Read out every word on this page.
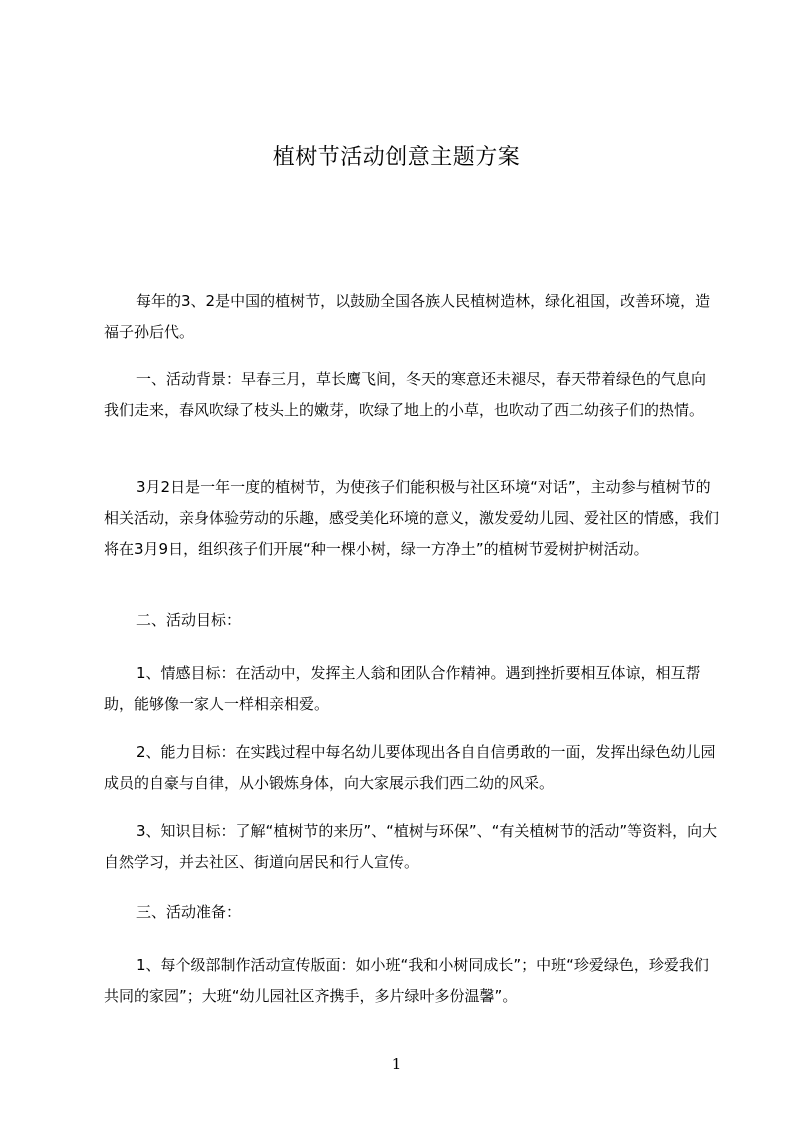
植树节活动创意主题方案

每年的3、2是中国的植树节，以鼓励全国各族人民植树造林，绿化祖国，改善环境，造福子孙后代。

一、活动背景：早春三月，草长鹰飞间，冬天的寒意还未褪尽，春天带着绿色的气息向我们走来，春风吹绿了枝头上的嫩芽，吹绿了地上的小草，也吹动了西二幼孩子们的热情。

3月2日是一年一度的植树节，为使孩子们能积极与社区环境“对话”，主动参与植树节的相关活动，亲身体验劳动的乐趣，感受美化环境的意义，激发爱幼儿园、爱社区的情感，我们将在3月9日，组织孩子们开展“种一棵小树，绿一方净土”的植树节爱树护树活动。

二、活动目标：

1、情感目标：在活动中，发挥主人翁和团队合作精神。遇到挫折要相互体谅，相互帮助，能够像一家人一样相亲相爱。

2、能力目标：在实践过程中每名幼儿要体现出各自自信勇敢的一面，发挥出绿色幼儿园成员的自豪与自律，从小锻炼身体，向大家展示我们西二幼的风采。

3、知识目标：了解“植树节的来历”、“植树与环保”、“有关植树节的活动”等资料，向大自然学习，并去社区、街道向居民和行人宣传。

三、活动准备：

1、每个级部制作活动宣传版面：如小班“我和小树同成长”；中班“珍爱绿色，珍爱我们共同的家园”；大班“幼儿园社区齐携手，多片绿叶多份温馨”。

1
